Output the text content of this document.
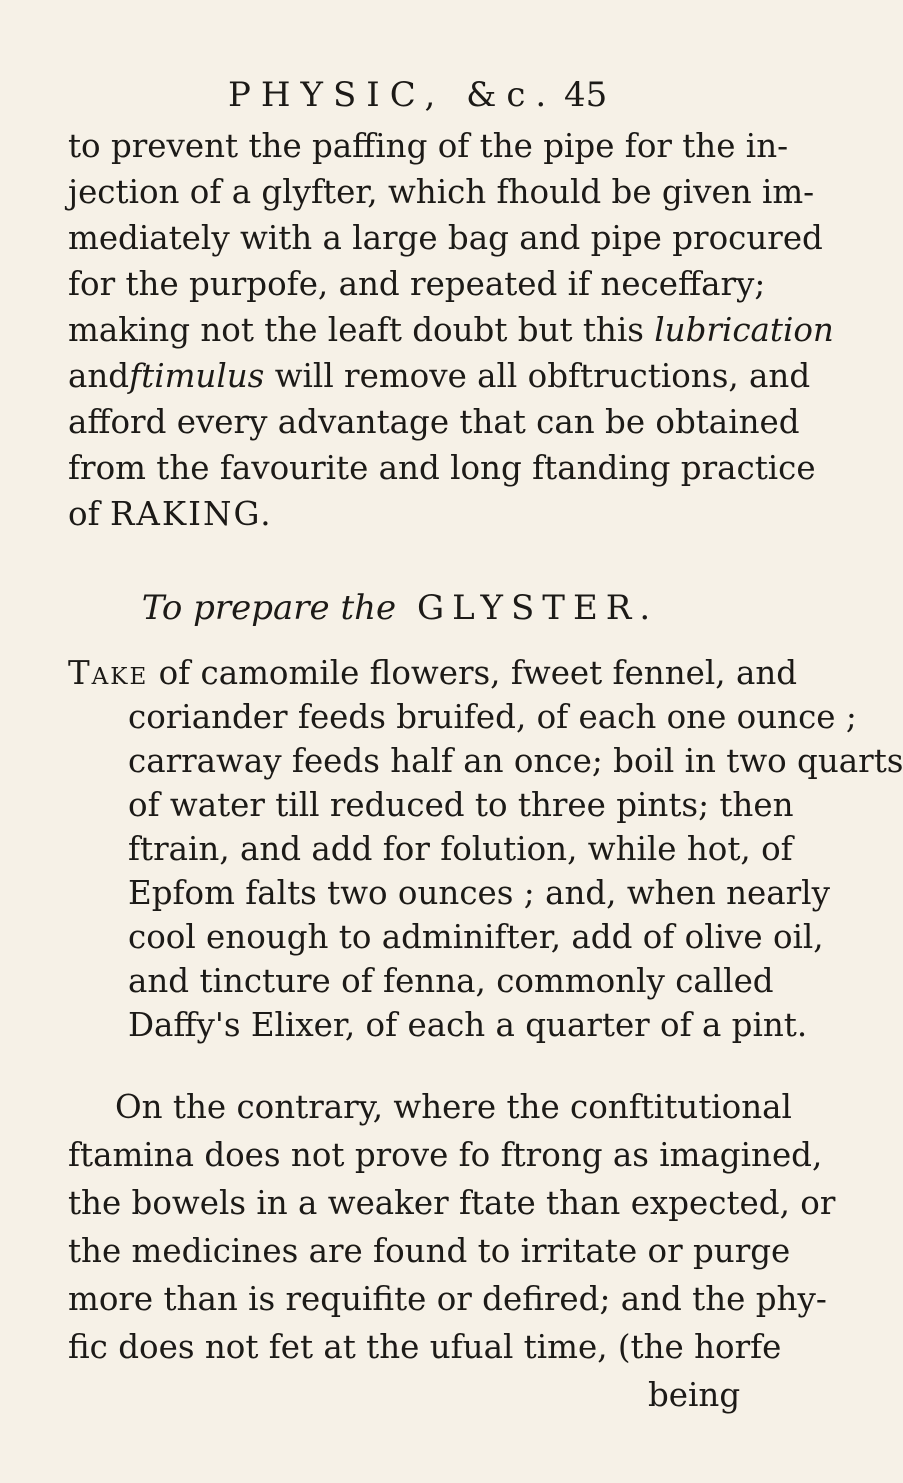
PHYSIC, &c. 45
to prevent the paffing of the pipe for the in-
jection of a glyfter, which fhould be given im-
mediately with a large bag and pipe procured
for the purpofe, and repeated if neceffary;
making not the leaft doubt but this lubrication
andftimulus will remove all obftructions, and
afford every advantage that can be obtained
from the favourite and long ftanding practice
of RAKING.
To prepare the GLYSTER.
Take of camomile flowers, fweet fennel, and
coriander feeds bruifed, of each one ounce ;
carraway feeds half an once; boil in two quarts
of water till reduced to three pints; then
ftrain, and add for folution, while hot, of
Epfom falts two ounces ; and, when nearly
cool enough to adminifter, add of olive oil,
and tincture of fenna, commonly called
Daffy's Elixer, of each a quarter of a pint.
On the contrary, where the conftitutional
ftamina does not prove fo ftrong as imagined,
the bowels in a weaker ftate than expected, or
the medicines are found to irritate or purge
more than is requifite or defired; and the phy-
fic does not fet at the ufual time, (the horfe
being
